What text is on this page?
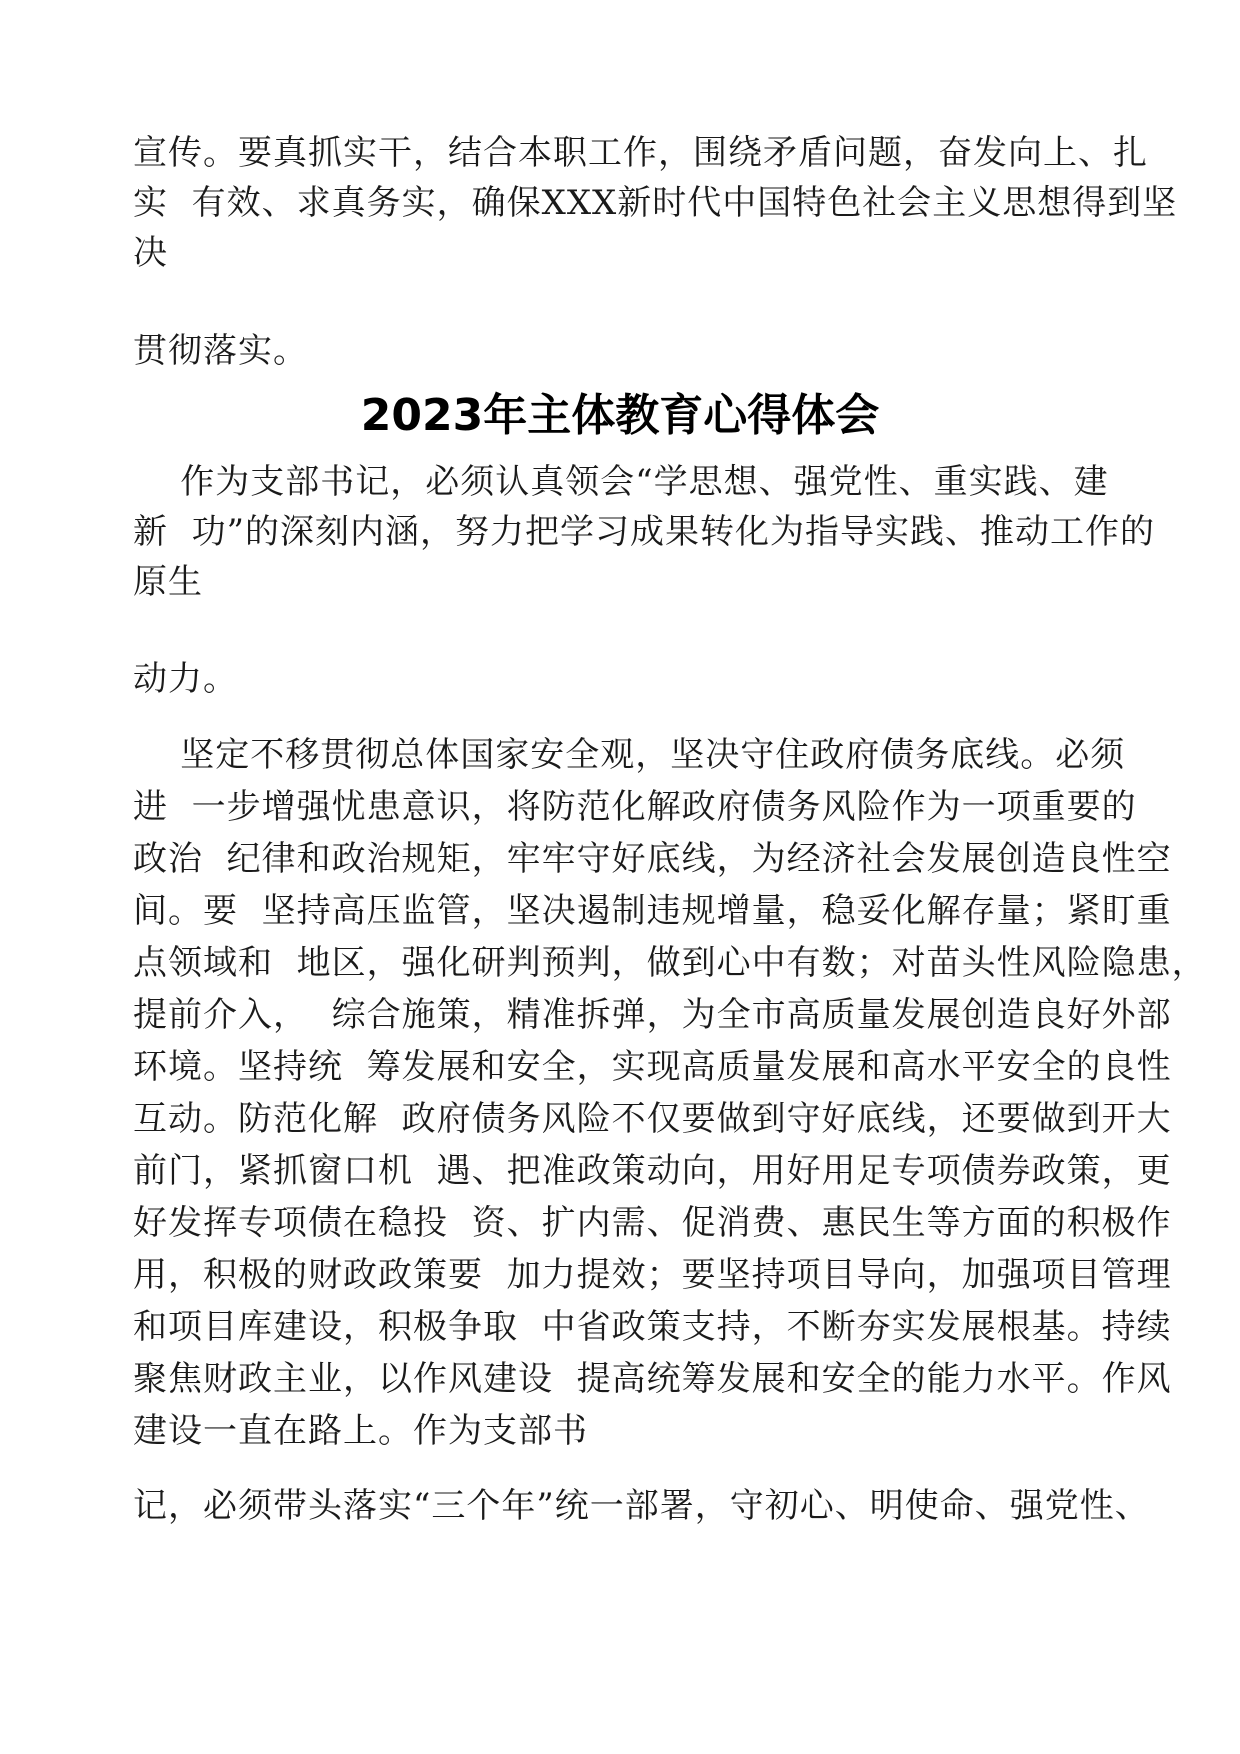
宣传。要真抓实干，结合本职工作，围绕矛盾问题，奋发向上、扎

实  有效、求真务实，确保XXX新时代中国特色社会主义思想得到坚

决

贯彻落实。

2023年主体教育心得体会

作为支部书记，必须认真领会“学思想、强党性、重实践、建

新  功”的深刻内涵，努力把学习成果转化为指导实践、推动工作的

原生

动力。

坚定不移贯彻总体国家安全观，坚决守住政府债务底线。必须

进  一步增强忧患意识，将防范化解政府债务风险作为一项重要的

政治  纪律和政治规矩，牢牢守好底线，为经济社会发展创造良性空

间。要  坚持高压监管，坚决遏制违规增量，稳妥化解存量；紧盯重

点领域和  地区，强化研判预判，做到心中有数；对苗头性风险隐患，

提前介入，  综合施策，精准拆弹，为全市高质量发展创造良好外部

环境。坚持统  筹发展和安全，实现高质量发展和高水平安全的良性

互动。防范化解  政府债务风险不仅要做到守好底线，还要做到开大

前门，紧抓窗口机  遇、把准政策动向，用好用足专项债券政策，更

好发挥专项债在稳投  资、扩内需、促消费、惠民生等方面的积极作

用，积极的财政政策要  加力提效；要坚持项目导向，加强项目管理

和项目库建设，积极争取  中省政策支持，不断夯实发展根基。持续

聚焦财政主业，以作风建设  提高统筹发展和安全的能力水平。作风

建设一直在路上。作为支部书

记，必须带头落实“三个年”统一部署，守初心、明使命、强党性、
